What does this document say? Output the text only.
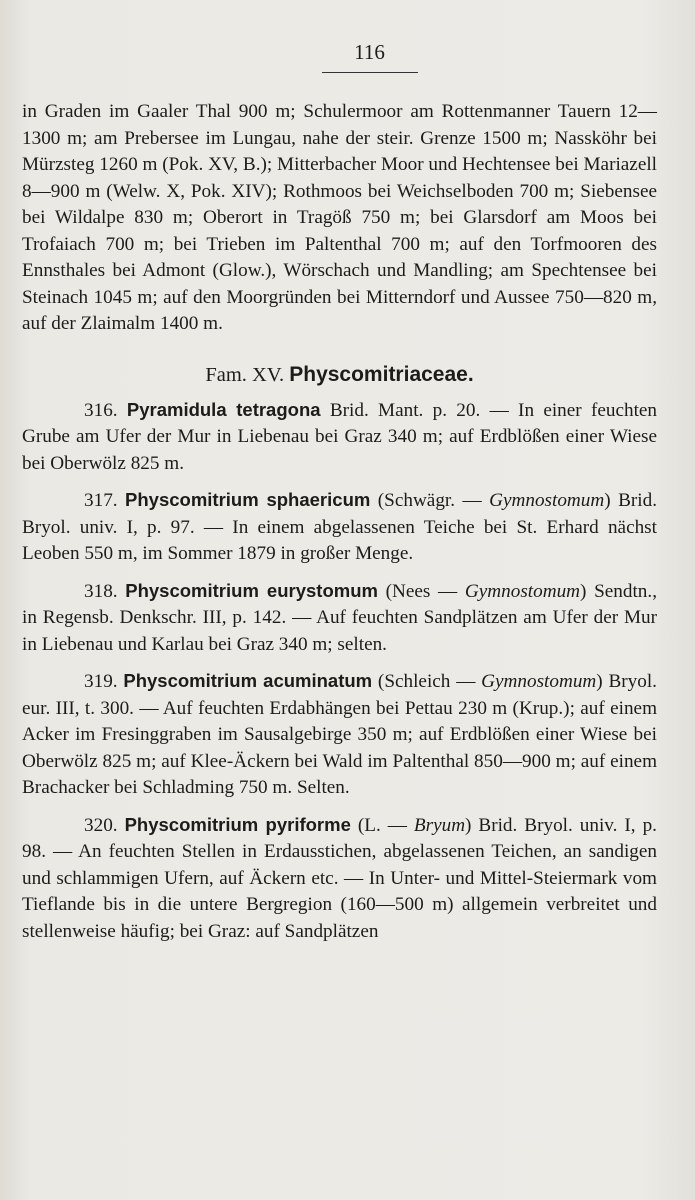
116

in Graden im Gaaler Thal 900 m; Schulermoor am Rottenmanner Tauern 12—1300 m; am Prebersee im Lungau, nahe der steir. Grenze 1500 m; Nassköhr bei Mürzsteg 1260 m (Pok. XV, B.); Mitterbacher Moor und Hechtensee bei Mariazell 8—900 m (Welw. X, Pok. XIV); Rothmoos bei Weichselboden 700 m; Siebensee bei Wildalpe 830 m; Oberort in Tragöß 750 m; bei Glarsdorf am Moos bei Trofaiach 700 m; bei Trieben im Paltenthal 700 m; auf den Torfmooren des Ennsthales bei Admont (Glow.), Wörschach und Mandling; am Spechtensee bei Steinach 1045 m; auf den Moorgründen bei Mitterndorf und Aussee 750—820 m, auf der Zlaimalm 1400 m.

Fam. XV. Physcomitriaceae.

316. Pyramidula tetragona Brid. Mant. p. 20. — In einer feuchten Grube am Ufer der Mur in Liebenau bei Graz 340 m; auf Erdblößen einer Wiese bei Oberwölz 825 m.

317. Physcomitrium sphaericum (Schwägr. — Gymnostomum) Brid. Bryol. univ. I, p. 97. — In einem abgelassenen Teiche bei St. Erhard nächst Leoben 550 m, im Sommer 1879 in großer Menge.

318. Physcomitrium eurystomum (Nees — Gymnostomum) Sendtn., in Regensb. Denkschr. III, p. 142. — Auf feuchten Sandplätzen am Ufer der Mur in Liebenau und Karlau bei Graz 340 m; selten.

319. Physcomitrium acuminatum (Schleich — Gymnostomum) Bryol. eur. III, t. 300. — Auf feuchten Erdabhängen bei Pettau 230 m (Krup.); auf einem Acker im Fresinggraben im Sausalgebirge 350 m; auf Erdblößen einer Wiese bei Oberwölz 825 m; auf Klee-Äckern bei Wald im Paltenthal 850—900 m; auf einem Brachacker bei Schladming 750 m. Selten.

320. Physcomitrium pyriforme (L. — Bryum) Brid. Bryol. univ. I, p. 98. — An feuchten Stellen in Erdausstichen, abgelassenen Teichen, an sandigen und schlammigen Ufern, auf Äckern etc. — In Unter- und Mittel-Steiermark vom Tieflande bis in die untere Bergregion (160—500 m) allgemein verbreitet und stellenweise häufig; bei Graz: auf Sandplätzen
